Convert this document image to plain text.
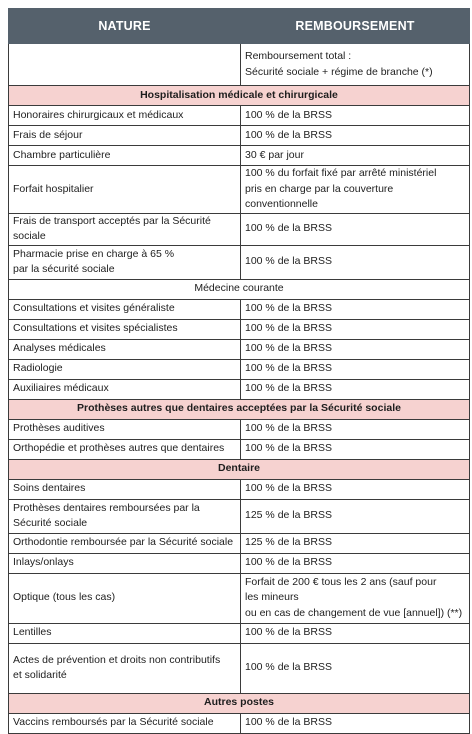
NATURE	REMBOURSEMENT

	Remboursement total :
Sécurité sociale + régime de branche (*)

Hospitalisation médicale et chirurgicale	

Honoraires chirurgicaux et médicaux	100 % de la BRSS

Frais de séjour	100 % de la BRSS

Chambre particulière	30 € par jour

Forfait hospitalier	100 % du forfait fixé par arrêté ministériel
pris en charge par la couverture conventionnelle

Frais de transport acceptés par la Sécurité sociale	100 % de la BRSS

Pharmacie prise en charge à 65 %
par la sécurité sociale	100 % de la BRSS

Médecine courante	

Consultations et visites généraliste	100 % de la BRSS

Consultations et visites spécialistes	100 % de la BRSS

Analyses médicales	100 % de la BRSS

Radiologie	100 % de la BRSS

Auxiliaires médicaux	100 % de la BRSS

Prothèses autres que dentaires acceptées par la Sécurité sociale	

Prothèses auditives	100 % de la BRSS

Orthopédie et prothèses autres que dentaires	100 % de la BRSS

Dentaire	

Soins dentaires	100 % de la BRSS

Prothèses dentaires remboursées par la
Sécurité sociale	125 % de la BRSS

Orthodontie remboursée par la Sécurité sociale	125 % de la BRSS

Inlays/onlays	100 % de la BRSS

Optique (tous les cas)	Forfait de 200 € tous les 2 ans (sauf pour
les mineurs
ou en cas de changement de vue [annuel]) (**)

Lentilles	100 % de la BRSS

Actes de prévention et droits non contributifs
et solidarité	100 % de la BRSS

Autres postes	

Vaccins remboursés par la Sécurité sociale	100 % de la BRSS
